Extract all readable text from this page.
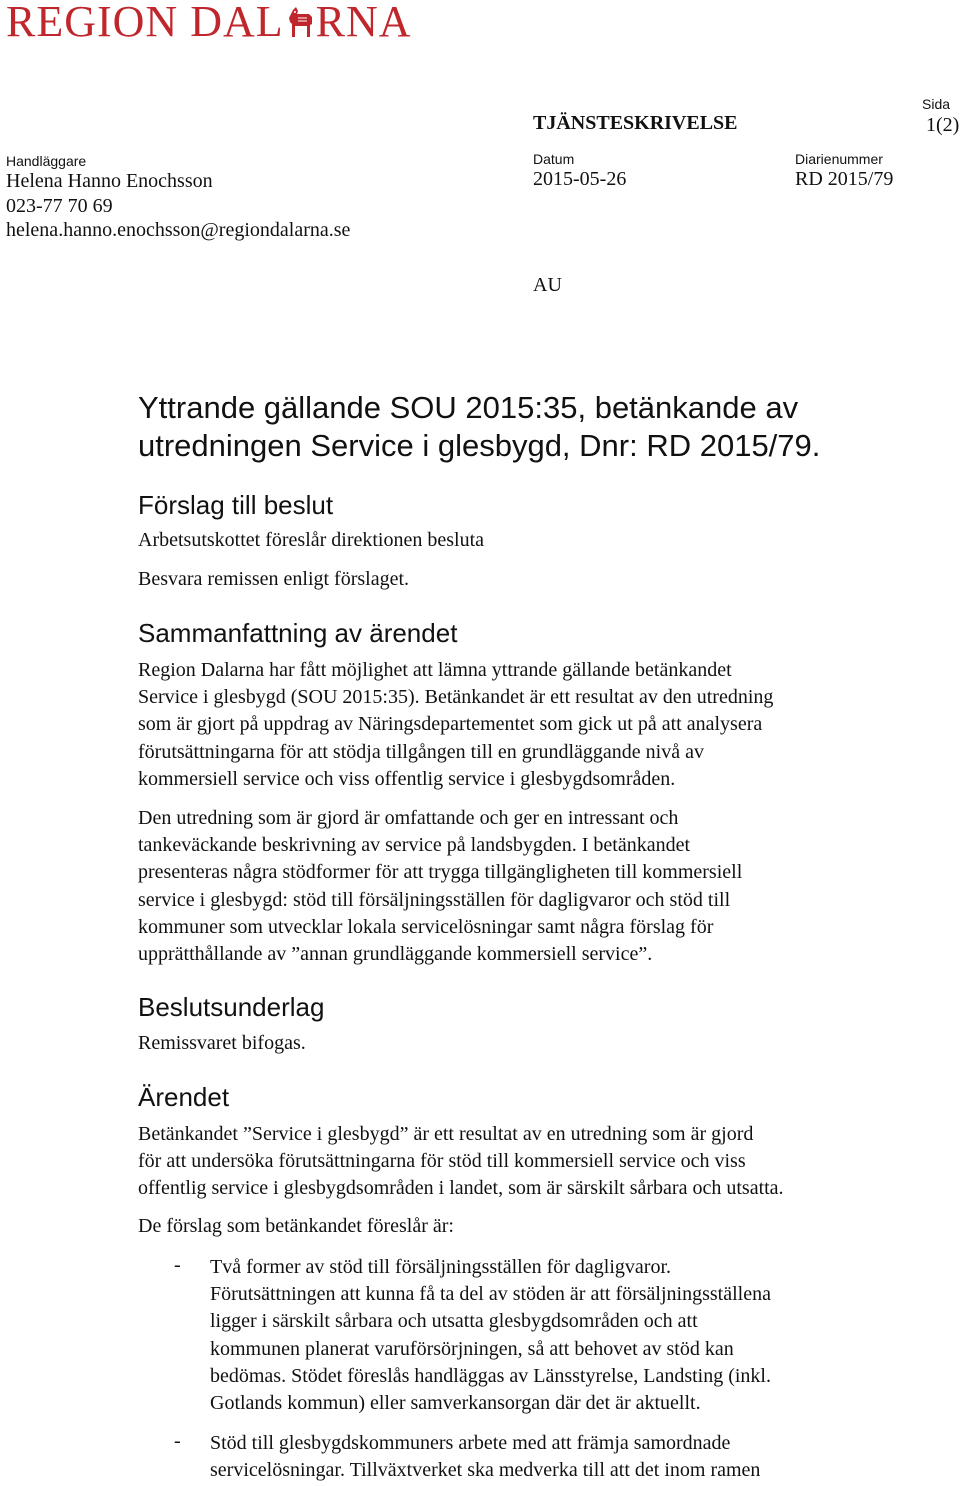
REGION DAL RNA
Sida
1(2)
TJÄNSTESKRIVELSE
Handläggare
Helena Hanno Enochsson
023-77 70 69
helena.hanno.enochsson@regiondalarna.se
Datum
2015-05-26
Diarienummer
RD 2015/79
AU
Yttrande gällande SOU 2015:35, betänkande av
utredningen Service i glesbygd, Dnr: RD 2015/79.
Förslag till beslut
Arbetsutskottet föreslår direktionen besluta
Besvara remissen enligt förslaget.
Sammanfattning av ärendet
Region Dalarna har fått möjlighet att lämna yttrande gällande betänkandet
Service i glesbygd (SOU 2015:35). Betänkandet är ett resultat av den utredning
som är gjort på uppdrag av Näringsdepartementet som gick ut på att analysera
förutsättningarna för att stödja tillgången till en grundläggande nivå av
kommersiell service och viss offentlig service i glesbygdsområden.
Den utredning som är gjord är omfattande och ger en intressant och
tankeväckande beskrivning av service på landsbygden. I betänkandet
presenteras några stödformer för att trygga tillgängligheten till kommersiell
service i glesbygd: stöd till försäljningsställen för dagligvaror och stöd till
kommuner som utvecklar lokala servicelösningar samt några förslag för
upprätthållande av ”annan grundläggande kommersiell service”.
Beslutsunderlag
Remissvaret bifogas.
Ärendet
Betänkandet ”Service i glesbygd” är ett resultat av en utredning som är gjord
för att undersöka förutsättningarna för stöd till kommersiell service och viss
offentlig service i glesbygdsområden i landet, som är särskilt sårbara och utsatta.
De förslag som betänkandet föreslår är:
- Två former av stöd till försäljningsställen för dagligvaror.
Förutsättningen att kunna få ta del av stöden är att försäljningsställena
ligger i särskilt sårbara och utsatta glesbygdsområden och att
kommunen planerat varuförsörjningen, så att behovet av stöd kan
bedömas. Stödet föreslås handläggas av Länsstyrelse, Landsting (inkl.
Gotlands kommun) eller samverkansorgan där det är aktuellt.
- Stöd till glesbygdskommuners arbete med att främja samordnade
servicelösningar. Tillväxtverket ska medverka till att det inom ramen
